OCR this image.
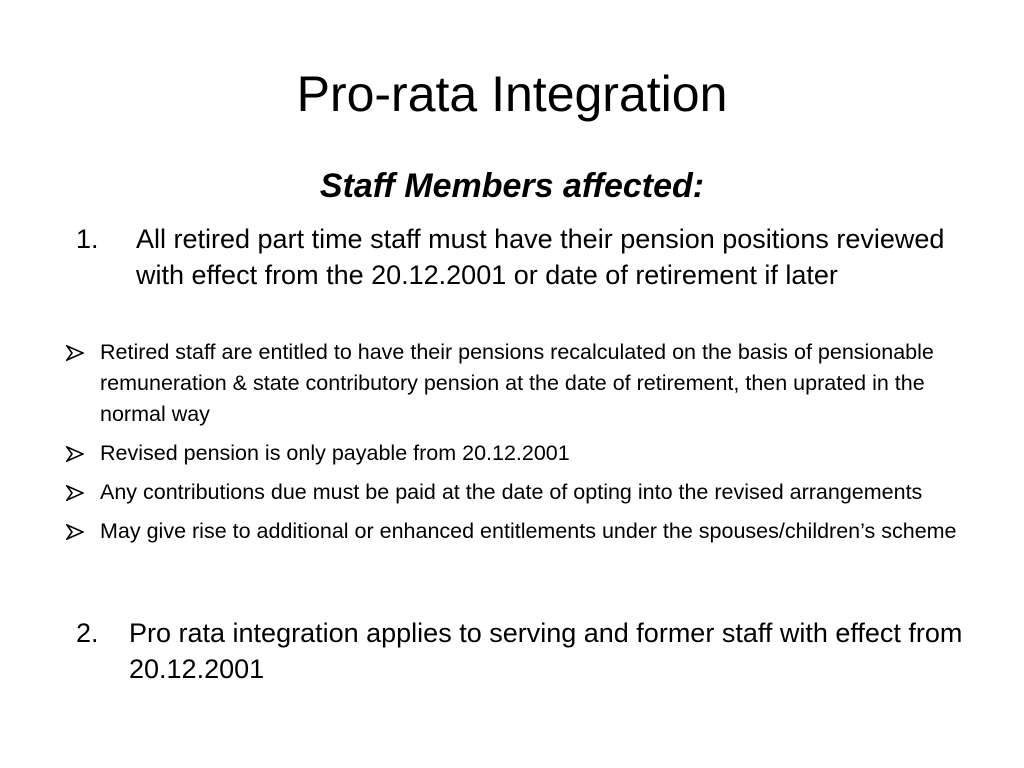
Pro-rata Integration
Staff Members affected:
1. All retired part time staff must have their pension positions reviewed with effect from the 20.12.2001 or date of retirement if later
Retired staff are entitled to have their pensions recalculated on the basis of pensionable remuneration & state contributory pension at the date of retirement, then uprated in the normal way
Revised pension is only payable from 20.12.2001
Any contributions due must be paid at the date of opting into the revised arrangements
May give rise to additional or enhanced entitlements under the spouses/children’s scheme
2. Pro rata integration applies to serving and former staff with effect from 20.12.2001
